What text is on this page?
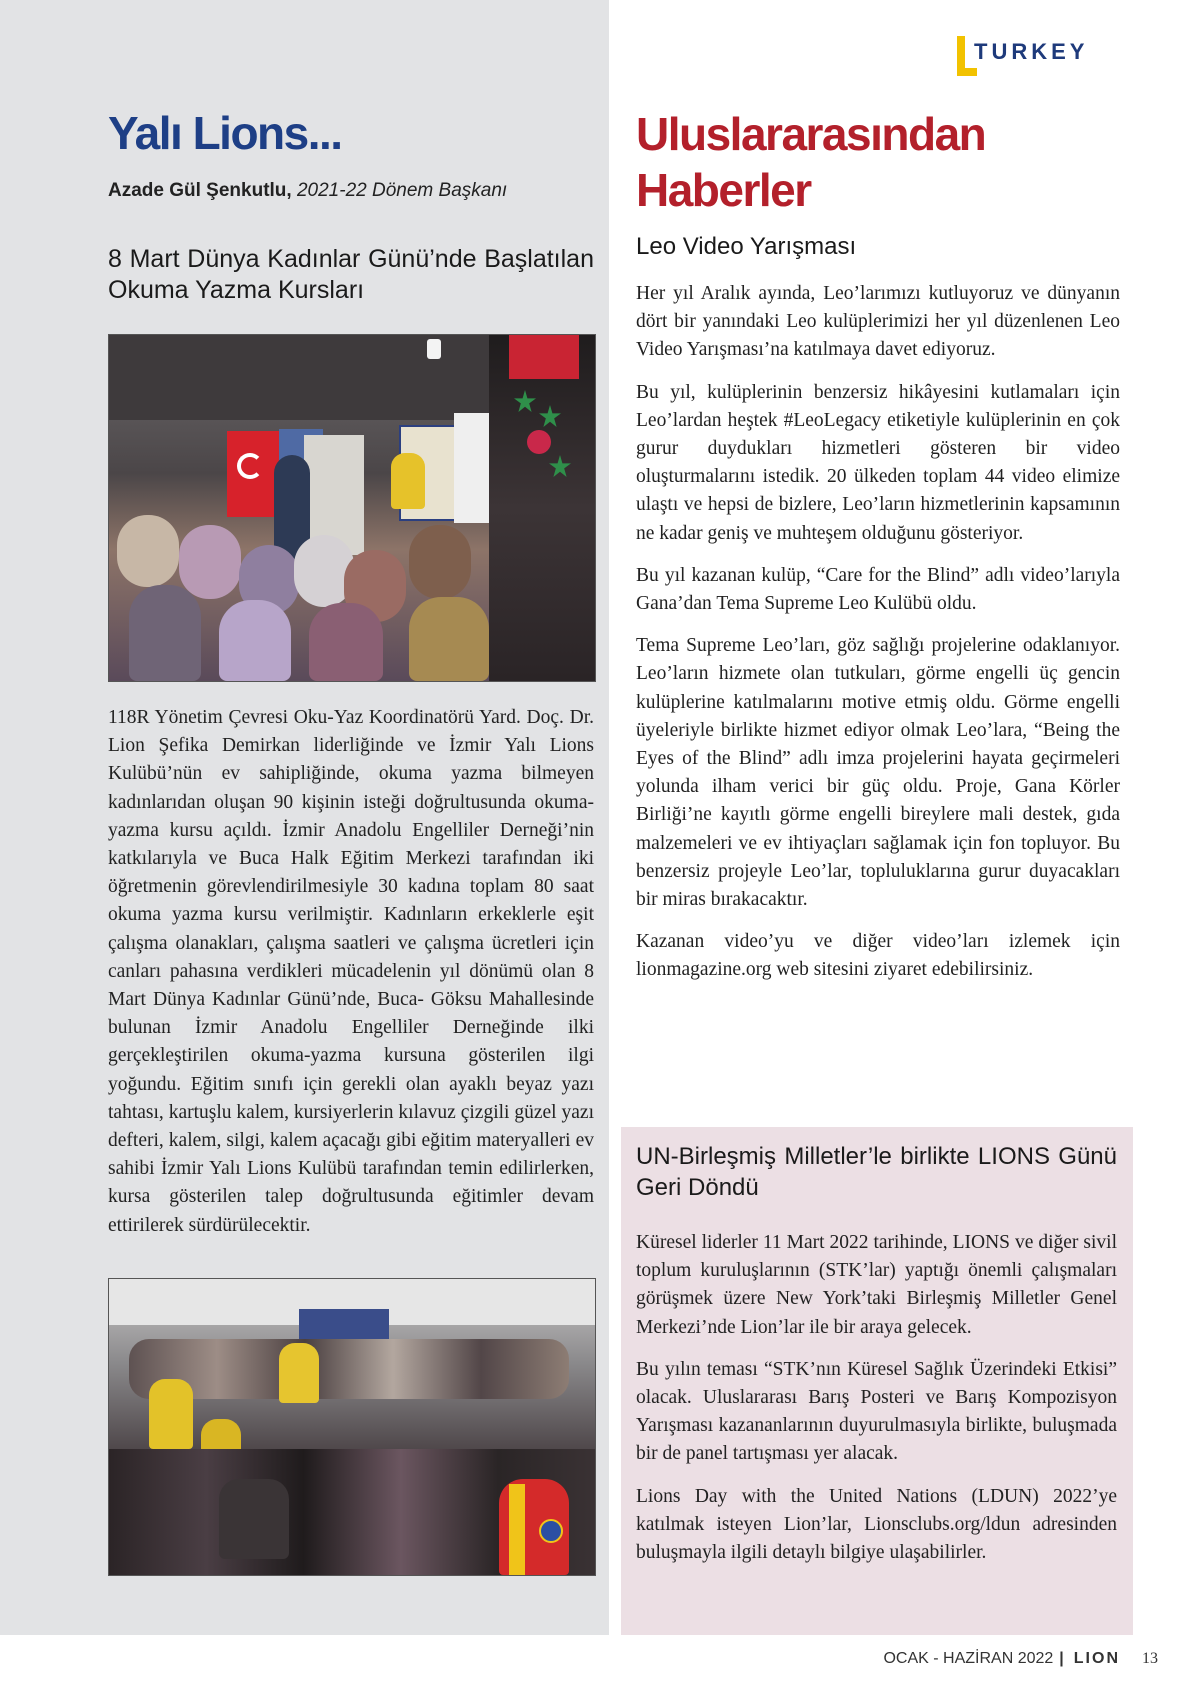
TURKEY
Yalı Lions...
Azade Gül Şenkutlu, 2021-22 Dönem Başkanı
8 Mart Dünya Kadınlar Günü’nde Başlatılan Okuma Yazma Kursları

118R Yönetim Çevresi Oku-Yaz Koordinatörü Yard. Doç. Dr. Lion Şefika Demirkan liderliğinde ve İzmir Yalı Lions Kulübü’nün ev sahipliğinde, okuma yazma bilmeyen kadınlarıdan oluşan 90 kişinin isteği doğrultusunda okuma-yazma kursu açıldı. İzmir Anadolu Engelliler Derneği’nin katkılarıyla ve Buca Halk Eğitim Merkezi tarafından iki öğretmenin görevlendirilmesiyle 30 kadına toplam 80 saat okuma yazma kursu verilmiştir. Kadınların erkeklerle eşit çalışma olanakları, çalışma saatleri ve çalışma ücretleri için canları pahasına verdikleri mücadelenin yıl dönümü olan 8 Mart Dünya Kadınlar Günü’nde, Buca- Göksu Mahallesinde bulunan İzmir Anadolu Engelliler Derneğinde ilki gerçekleştirilen okuma-yazma kursuna gösterilen ilgi yoğundu. Eğitim sınıfı için gerekli olan ayaklı beyaz yazı tahtası, kartuşlu kalem, kursiyerlerin kılavuz çizgili güzel yazı defteri, kalem, silgi, kalem açacağı gibi eğitim materyalleri ev sahibi İzmir Yalı Lions Kulübü tarafından temin edilirlerken, kursa gösterilen talep doğrultusunda eğitimler devam ettirilerek sürdürülecektir.

Uluslararasından
Haberler
Leo Video Yarışması

Her yıl Aralık ayında, Leo’larımızı kutluyoruz ve dünyanın dört bir yanındaki Leo kulüplerimizi her yıl düzenlenen Leo Video Yarışması’na katılmaya davet ediyoruz.

Bu yıl, kulüplerinin benzersiz hikâyesini kutlamaları için Leo’lardan heştek #LeoLegacy etiketiyle kulüplerinin en çok gurur duydukları hizmetleri gösteren bir video oluşturmalarını istedik. 20 ülkeden toplam 44 video elimize ulaştı ve hepsi de bizlere, Leo’ların hizmetlerinin kapsamının ne kadar geniş ve muhteşem olduğunu gösteriyor.

Bu yıl kazanan kulüp, “Care for the Blind” adlı video’larıyla Gana’dan Tema Supreme Leo Kulübü oldu.

Tema Supreme Leo’ları, göz sağlığı projelerine odaklanıyor. Leo’ların hizmete olan tutkuları, görme engelli üç gencin kulüplerine katılmalarını motive etmiş oldu. Görme engelli üyeleriyle birlikte hizmet ediyor olmak Leo’lara, “Being the Eyes of the Blind” adlı imza projelerini hayata geçirmeleri yolunda ilham verici bir güç oldu. Proje, Gana Körler Birliği’ne kayıtlı görme engelli bireylere mali destek, gıda malzemeleri ve ev ihtiyaçları sağlamak için fon topluyor. Bu benzersiz projeyle Leo’lar, topluluklarına gurur duyacakları bir miras bırakacaktır.

Kazanan video’yu ve diğer video’ları izlemek için lionmagazine.org web sitesini ziyaret edebilirsiniz.

UN-Birleşmiş Milletler’le birlikte LIONS Günü Geri Döndü

Küresel liderler 11 Mart 2022 tarihinde, LIONS ve diğer sivil toplum kuruluşlarının (STK’lar) yaptığı önemli çalışmaları görüşmek üzere New York’taki Birleşmiş Milletler Genel Merkezi’nde Lion’lar ile bir araya gelecek.

Bu yılın teması “STK’nın Küresel Sağlık Üzerindeki Etkisi” olacak. Uluslararası Barış Posteri ve Barış Kompozisyon Yarışması kazananlarının duyurulmasıyla birlikte, buluşmada bir de panel tartışması yer alacak.

Lions Day with the United Nations (LDUN) 2022’ye katılmak isteyen Lion’lar, Lionsclubs.org/ldun adresinden buluşmayla ilgili detaylı bilgiye ulaşabilirler.

OCAK - HAZİRAN 2022 | LION 13
